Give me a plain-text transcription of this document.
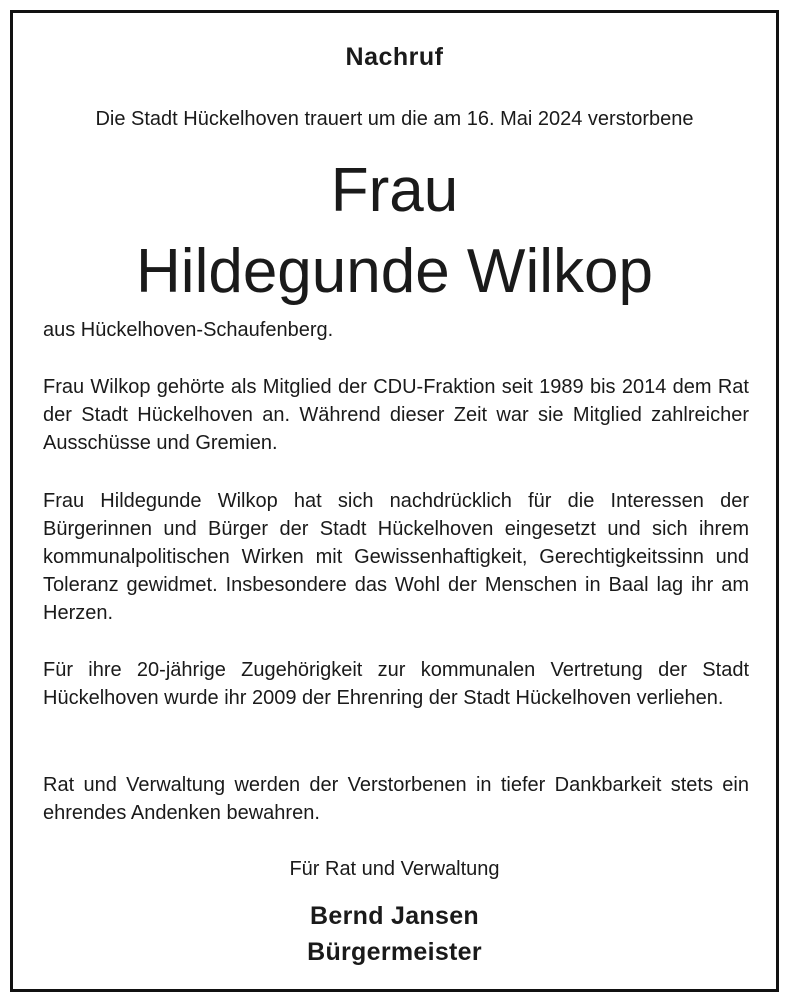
Nachruf
Die Stadt Hückelhoven trauert um die am 16. Mai 2024 verstorbene
Frau
Hildegunde Wilkop
aus Hückelhoven-Schaufenberg.
Frau Wilkop gehörte als Mitglied der CDU-Fraktion seit 1989 bis 2014 dem Rat der Stadt Hückelhoven an. Während dieser Zeit war sie Mitglied zahlreicher Ausschüsse und Gremien.
Frau Hildegunde Wilkop hat sich nachdrücklich für die Interessen der Bürgerinnen und Bürger der Stadt Hückelhoven eingesetzt und sich ihrem kommunalpolitischen Wirken mit Gewissenhaftigkeit, Gerechtigkeitssinn und Toleranz gewidmet. Insbesondere das Wohl der Menschen in Baal lag ihr am Herzen.
Für ihre 20-jährige Zugehörigkeit zur kommunalen Vertretung der Stadt Hückelhoven wurde ihr 2009 der Ehrenring der Stadt Hückelhoven verliehen.
Rat und Verwaltung werden der Verstorbenen in tiefer Dankbarkeit stets ein ehrendes Andenken bewahren.
Für Rat und Verwaltung
Bernd Jansen
Bürgermeister
